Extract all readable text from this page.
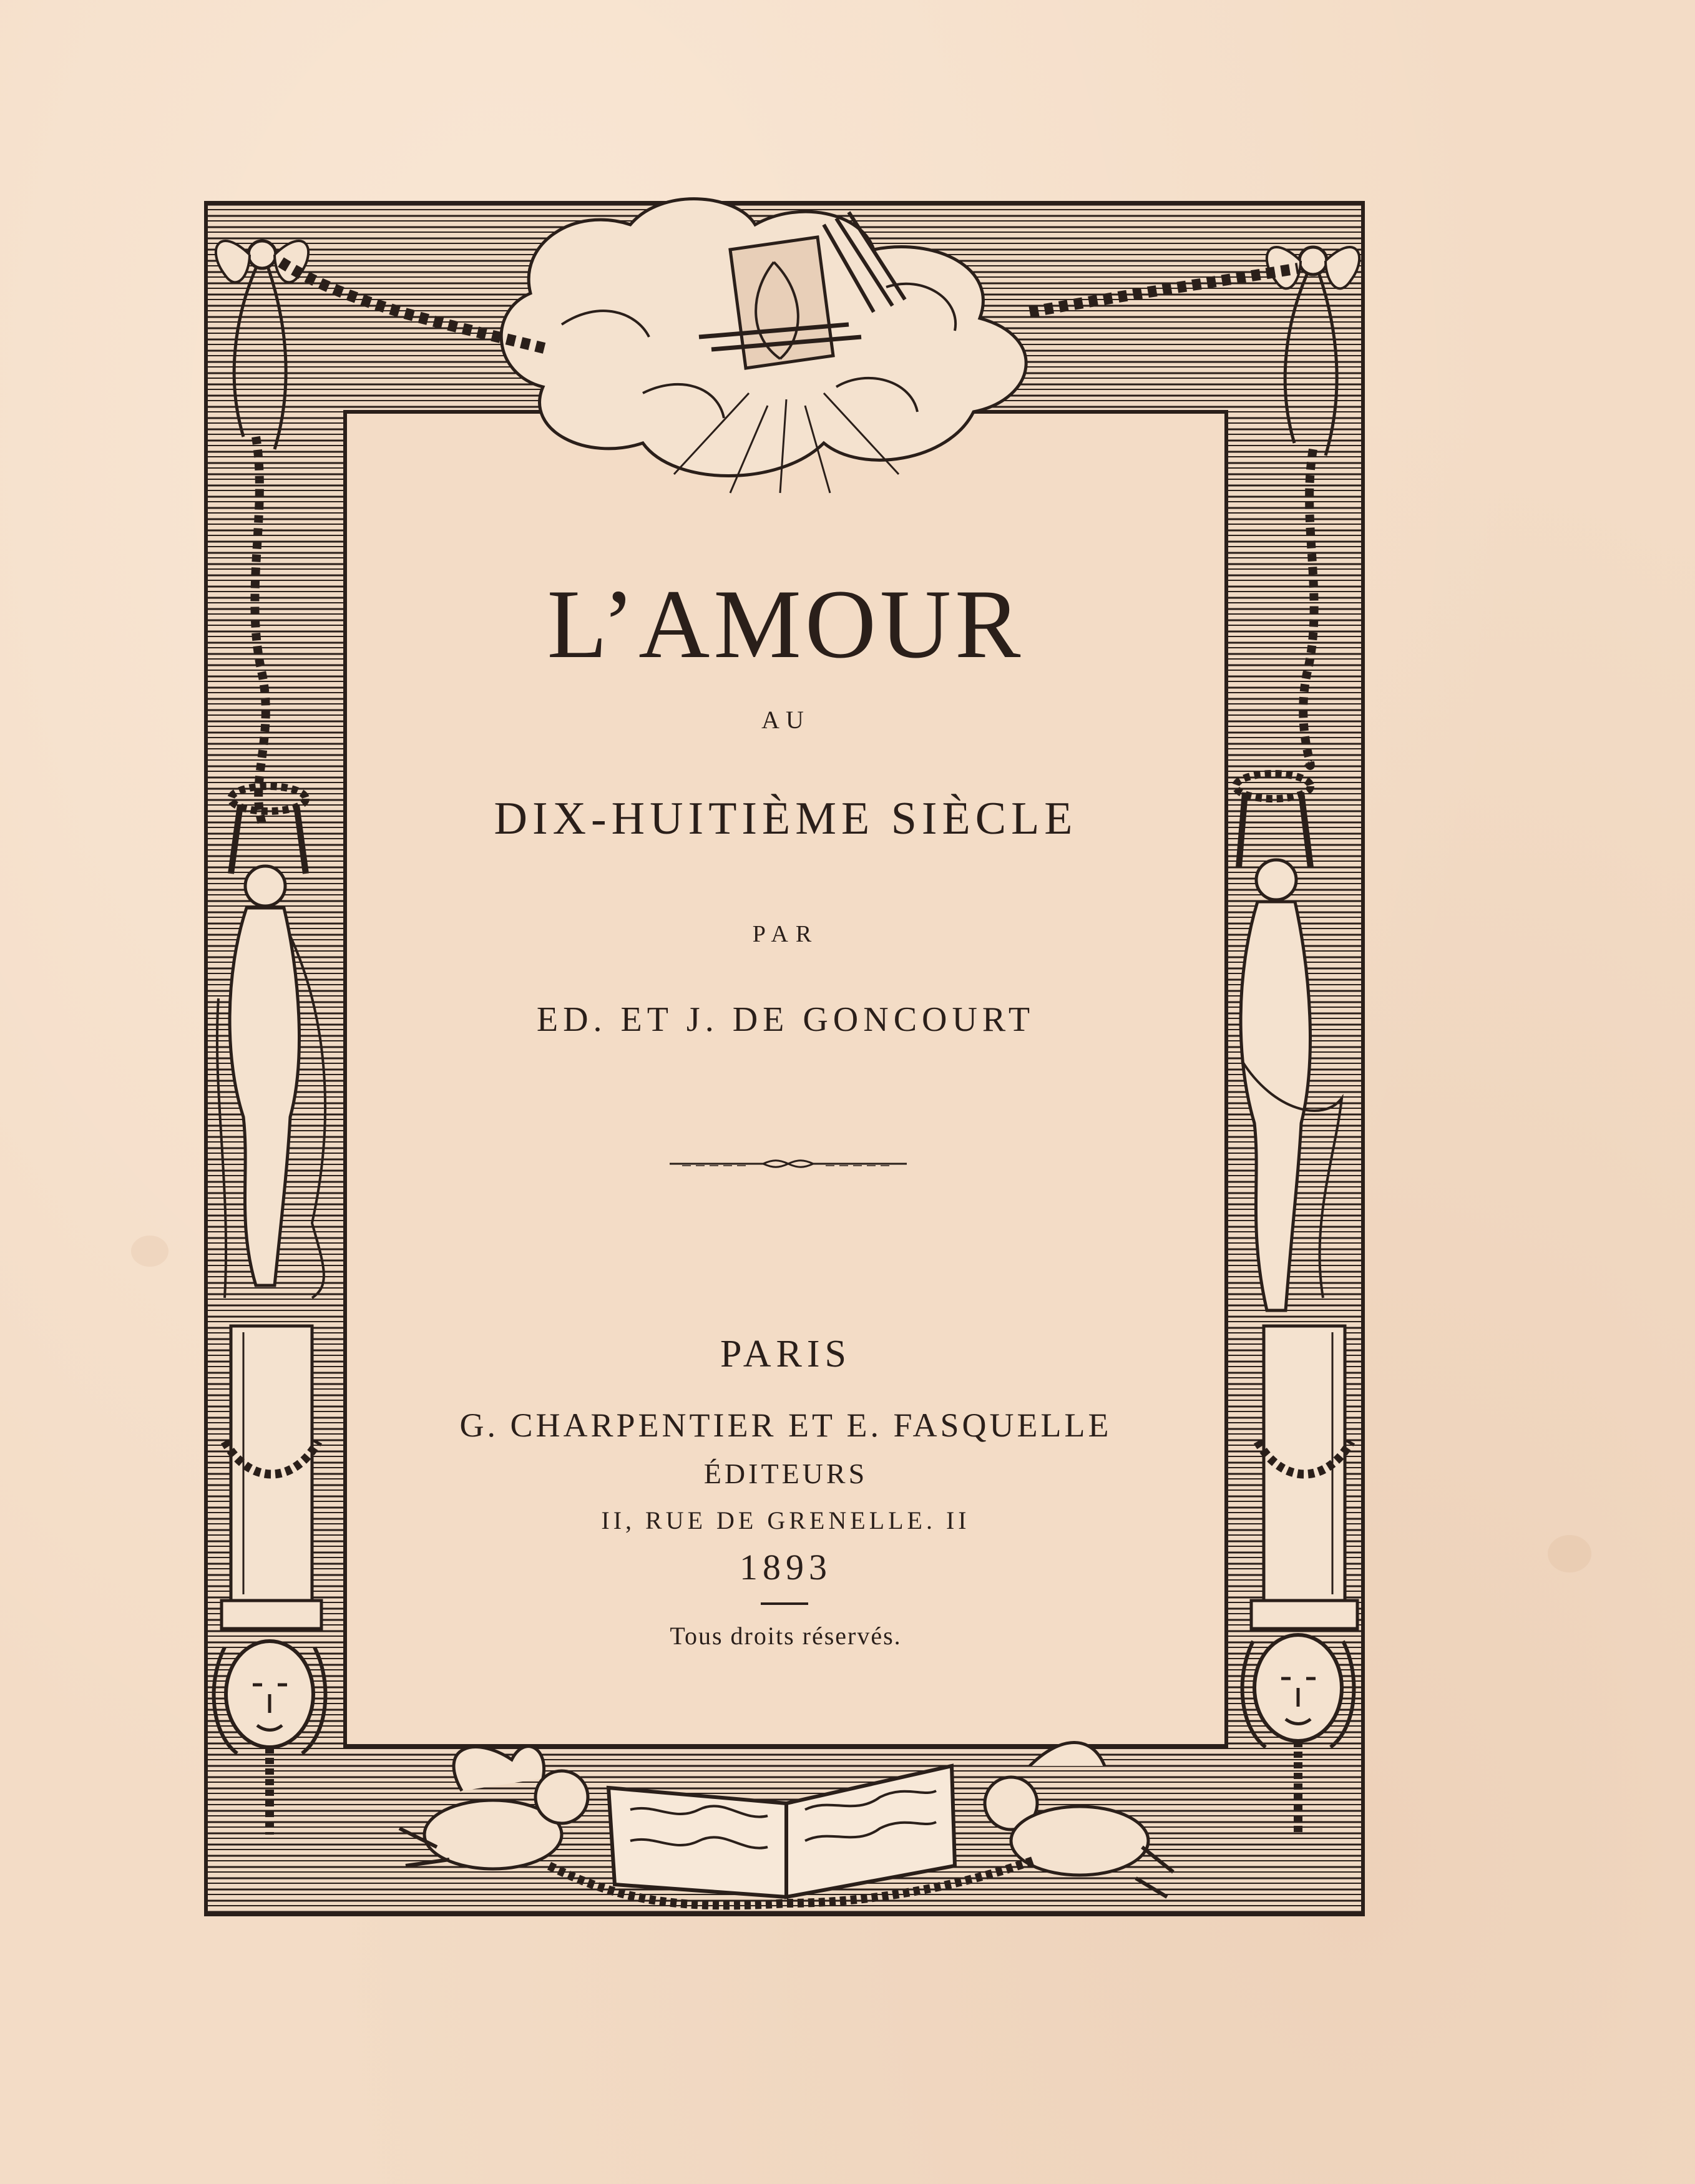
L’AMOUR
AU
DIX-HUITIÈME SIÈCLE
PAR
ED. ET J. DE GONCOURT
PARIS
G. CHARPENTIER ET E. FASQUELLE
ÉDITEURS
II, RUE DE GRENELLE. II
1893
Tous droits réservés.
